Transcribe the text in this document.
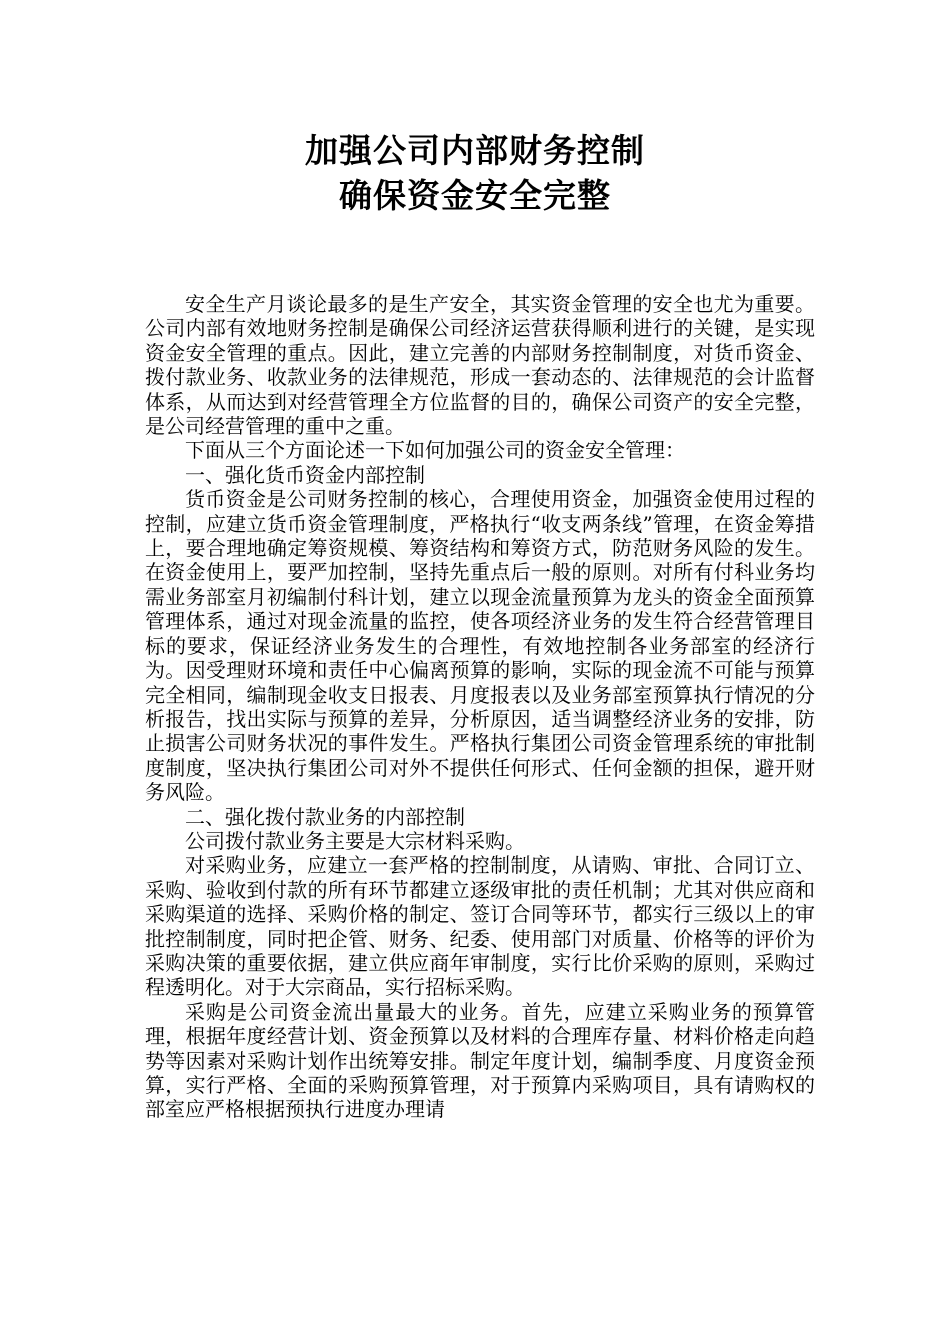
加强公司内部财务控制

确保资金安全完整

安全生产月谈论最多的是生产安全，其实资金管理的安全也尤为重要。公司内部有效地财务控制是确保公司经济运营获得顺利进行的关键，是实现资金安全管理的重点。因此，建立完善的内部财务控制制度，对货币资金、拨付款业务、收款业务的法律规范，形成一套动态的、法律规范的会计监督体系，从而达到对经营管理全方位监督的目的，确保公司资产的安全完整，是公司经营管理的重中之重。

下面从三个方面论述一下如何加强公司的资金安全管理：

一、强化货币资金内部控制

货币资金是公司财务控制的核心，合理使用资金，加强资金使用过程的控制，应建立货币资金管理制度，严格执行“收支两条线”管理，在资金筹措上，要合理地确定筹资规模、筹资结构和筹资方式，防范财务风险的发生。在资金使用上，要严加控制，坚持先重点后一般的原则。对所有付科业务均需业务部室月初编制付科计划，建立以现金流量预算为龙头的资金全面预算管理体系，通过对现金流量的监控，使各项经济业务的发生符合经营管理目标的要求，保证经济业务发生的合理性，有效地控制各业务部室的经济行为。因受理财环境和责任中心偏离预算的影响，实际的现金流不可能与预算完全相同，编制现金收支日报表、月度报表以及业务部室预算执行情况的分析报告，找出实际与预算的差异，分析原因，适当调整经济业务的安排，防止损害公司财务状况的事件发生。严格执行集团公司资金管理系统的审批制度制度，坚决执行集团公司对外不提供任何形式、任何金额的担保，避开财务风险。

二、强化拨付款业务的内部控制

公司拨付款业务主要是大宗材料采购。

对采购业务，应建立一套严格的控制制度，从请购、审批、合同订立、采购、验收到付款的所有环节都建立逐级审批的责任机制；尤其对供应商和采购渠道的选择、采购价格的制定、签订合同等环节，都实行三级以上的审批控制制度，同时把企管、财务、纪委、使用部门对质量、价格等的评价为采购决策的重要依据，建立供应商年审制度，实行比价采购的原则，采购过程透明化。对于大宗商品，实行招标采购。

采购是公司资金流出量最大的业务。首先，应建立采购业务的预算管理，根据年度经营计划、资金预算以及材料的合理库存量、材料价格走向趋势等因素对采购计划作出统筹安排。制定年度计划，编制季度、月度资金预算，实行严格、全面的采购预算管理，对于预算内采购项目，具有请购权的部室应严格根据预执行进度办理请
